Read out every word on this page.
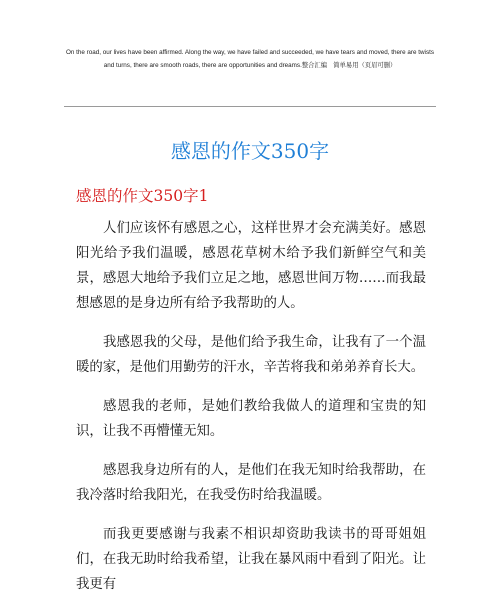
On the road, our lives have been affirmed. Along the way, we have failed and succeeded, we have tears and moved, there are twists and turns, there are smooth roads, there are opportunities and dreams.整合汇编　简单易用（页眉可删）
感恩的作文350字
感恩的作文350字1

人们应该怀有感恩之心，这样世界才会充满美好。感恩阳光给予我们温暖，感恩花草树木给予我们新鲜空气和美景，感恩大地给予我们立足之地，感恩世间万物……而我最想感恩的是身边所有给予我帮助的人。

我感恩我的父母，是他们给予我生命，让我有了一个温暖的家，是他们用勤劳的汗水，辛苦将我和弟弟养育长大。

感恩我的老师，是她们教给我做人的道理和宝贵的知识，让我不再懵懂无知。

感恩我身边所有的人，是他们在我无知时给我帮助，在我冷落时给我阳光，在我受伤时给我温暖。

而我更要感谢与我素不相识却资助我读书的哥哥姐姐们，在我无助时给我希望，让我在暴风雨中看到了阳光。让我更有
